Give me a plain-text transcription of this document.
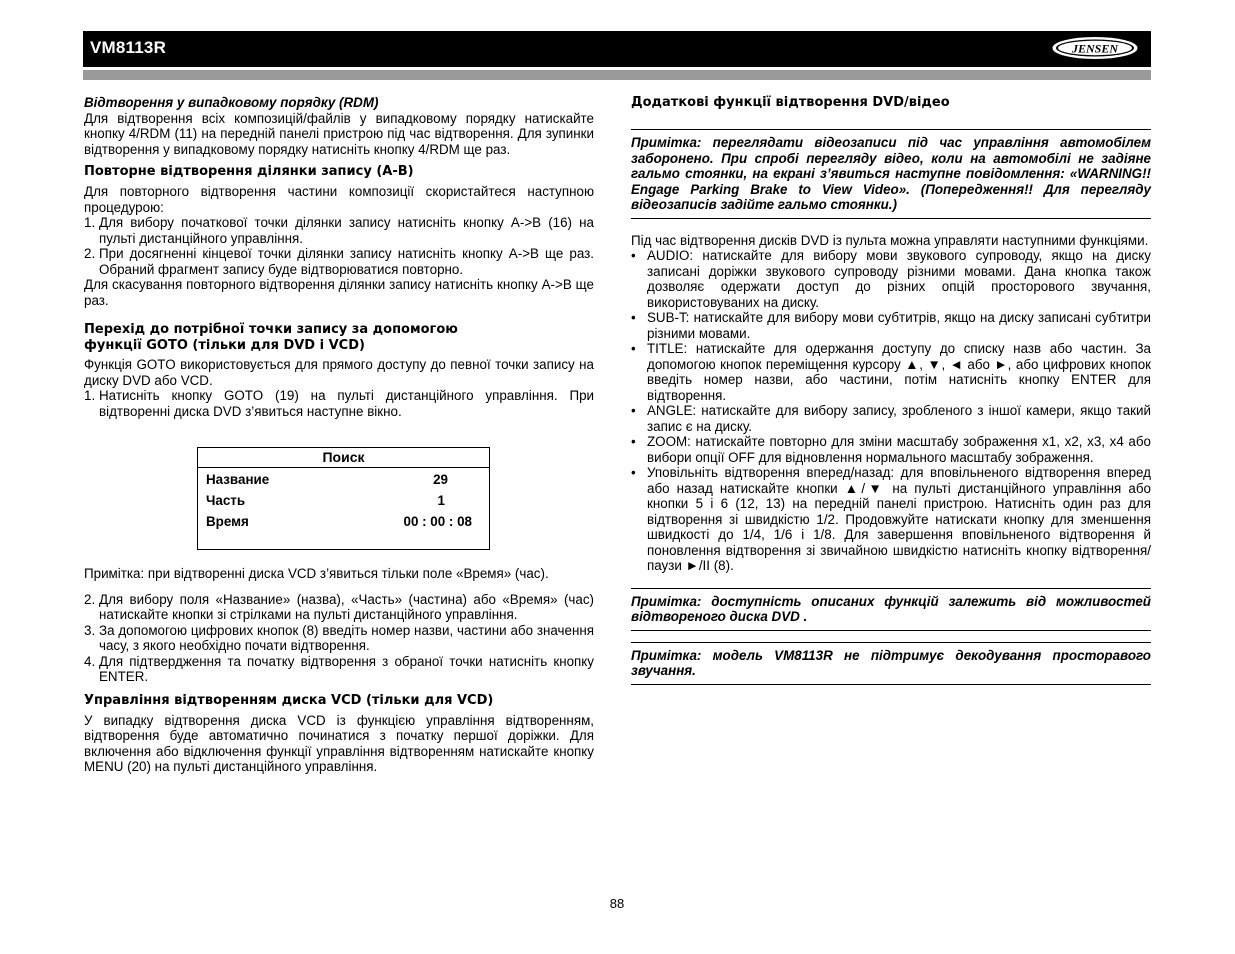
VM8113R	JENSEN
Відтворення у випадковому порядку (RDM)

Для відтворення всіх композицій/файлів у випадковому порядку натискайте кнопку 4/RDM (11) на передній панелі пристрою під час відтворення. Для зупинки відтворення у випадковому порядку натисніть кнопку 4/RDM ще раз.

Повторне відтворення ділянки запису (A-B)

Для повторного відтворення частини композиції скористайтеся наступною процедурою:

1. Для вибору початкової точки ділянки запису натисніть кнопку A->B (16) на пульті дистанційного управління.
2. При досягненні кінцевої точки ділянки запису натисніть кнопку A->B ще раз. Обраний фрагмент запису буде відтворюватися повторно.

Для скасування повторного відтворення ділянки запису натисніть кнопку A->B ще раз.

Перехід до потрібної точки запису за допомогою
функції GOTO (тільки для DVD і VCD)

Функція GOTO використовується для прямого доступу до певної точки запису на диску DVD або VCD.

1. Натисніть кнопку GOTO (19) на пульті дистанційного управління. При відтворенні диска DVD з’явиться наступне вікно.
Поиск
Название	29
Часть	1
Время	00 : 00 : 08

Примітка: при відтворенні диска VCD з’явиться тільки поле «Время» (час).

2. Для вибору поля «Название» (назва), «Часть» (частина) або «Время» (час) натискайте кнопки зі стрілками на пульті дистанційного управління.
3. За допомогою цифрових кнопок (8) введіть номер назви, частини або значення часу, з якого необхідно почати відтворення.
4. Для підтвердження та початку відтворення з обраної точки натисніть кнопку ENTER.
Управління відтворенням диска VCD (тільки для VCD)

У випадку відтворення диска VCD із функцією управління відтворенням, відтворення буде автоматично починатися з початку першої доріжки. Для включення або відключення функції управління відтворенням натискайте кнопку MENU (20) на пульті дистанційного управління.

Додаткові функції відтворення DVD/відео

Примітка: переглядати відеозаписи під час управління автомобілем заборонено. При спробі перегляду відео, коли на автомобілі не задіяне гальмо стоянки, на екрані з’явиться наступне повідомлення: «WARNING!! Engage Parking Brake to View Video». (Попередження!! Для перегляду відеозаписів задійте гальмо стоянки.)

Під час відтворення дисків DVD із пульта можна управляти наступними функціями.

• AUDIO: натискайте для вибору мови звукового супроводу, якщо на диску записані доріжки звукового супроводу різними мовами. Дана кнопка також дозволяє одержати доступ до різних опцій просторового звучання, використовуваних на диску.
• SUB-T: натискайте для вибору мови субтитрів, якщо на диску записані субтитри різними мовами.
• TITLE: натискайте для одержання доступу до списку назв або частин. За допомогою кнопок переміщення курсору ▲, ▼, ◄ або ►, або цифрових кнопок введіть номер назви, або частини, потім натисніть кнопку ENTER для відтворення.
• ANGLE: натискайте для вибору запису, зробленого з іншої камери, якщо такий запис є на диску.
• ZOOM: натискайте повторно для зміни масштабу зображення x1, x2, x3, x4 або вибори опції OFF для відновлення нормального масштабу зображення.
• Уповільніть відтворення вперед/назад: для вповільненого відтворення вперед або назад натискайте кнопки ▲/▼ на пульті дистанційного управління або кнопки 5 і 6 (12, 13) на передній панелі пристрою. Натисніть один раз для відтворення зі швидкістю 1/2. Продовжуйте натискати кнопку для зменшення швидкості до 1/4, 1/6 і 1/8. Для завершення вповільненого відтворення й поновлення відтворення зі звичайною швидкістю натисніть кнопку відтворення/паузи ►/II (8).

Примітка: доступність описаних функцій залежить від можливостей відтвореного диска DVD .

Примітка: модель VM8113R не підтримує декодування просторавого звучання.

88
